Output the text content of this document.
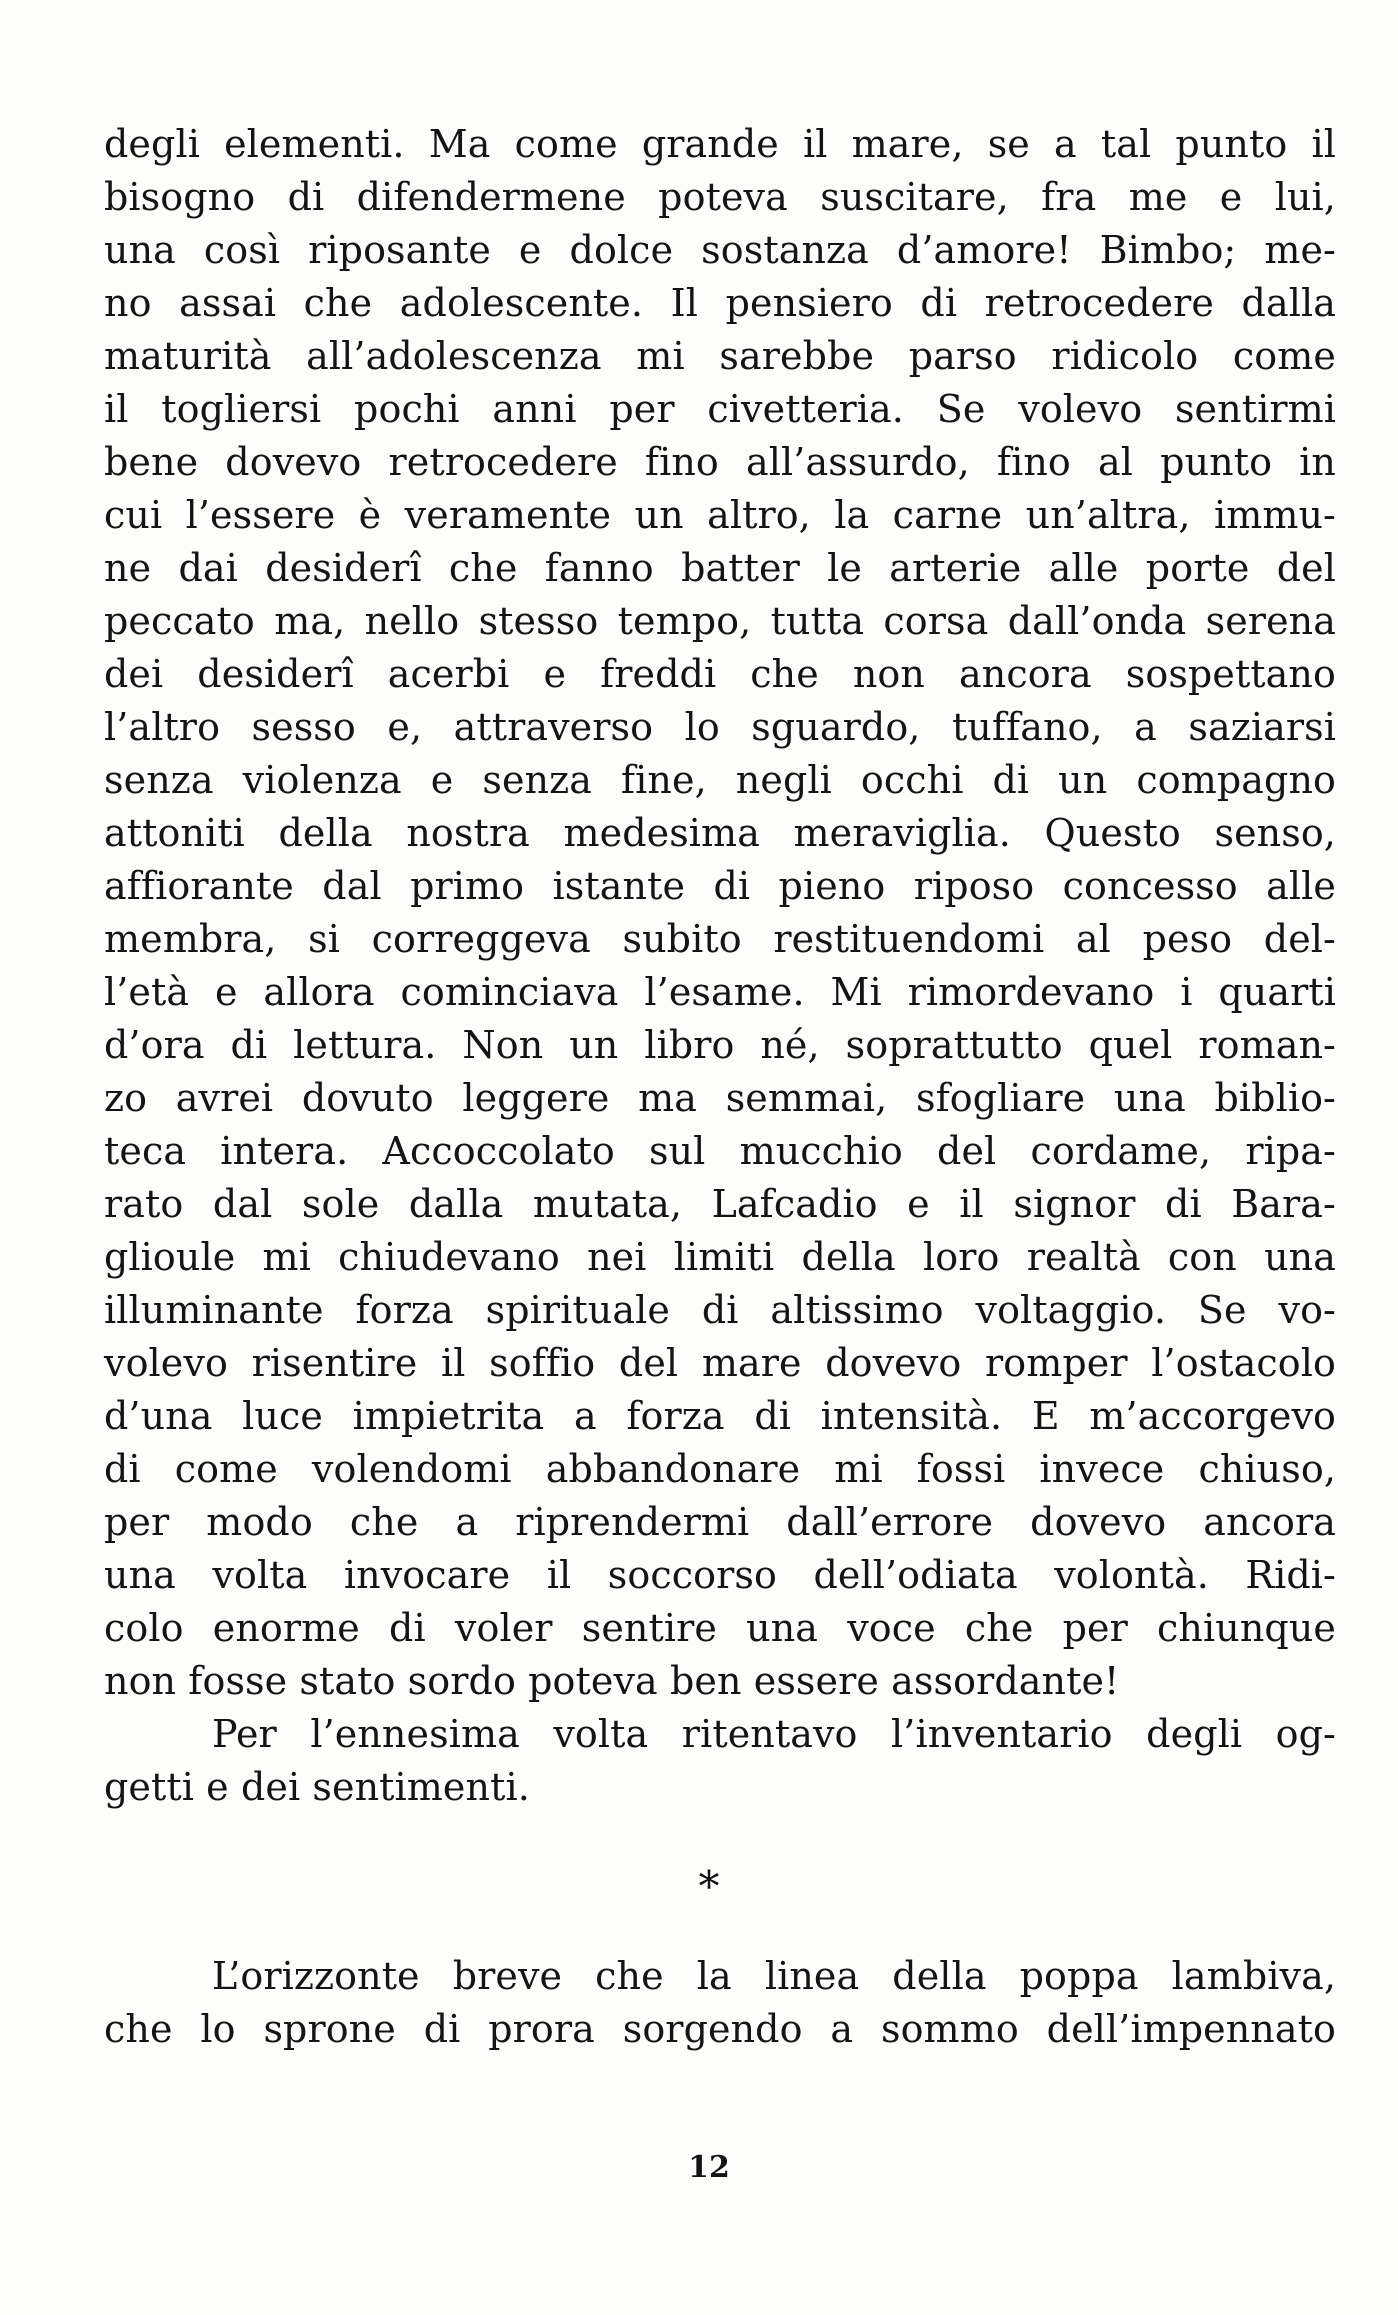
degli elementi. Ma come grande il mare, se a tal punto il
bisogno di difendermene poteva suscitare, fra me e lui,
una così riposante e dolce sostanza d’amore! Bimbo; me-
no assai che adolescente. Il pensiero di retrocedere dalla
maturità all’adolescenza mi sarebbe parso ridicolo come
il togliersi pochi anni per civetteria. Se volevo sentirmi
bene dovevo retrocedere fino all’assurdo, fino al punto in
cui l’essere è veramente un altro, la carne un’altra, immu-
ne dai desiderî che fanno batter le arterie alle porte del
peccato ma, nello stesso tempo, tutta corsa dall’onda serena
dei desiderî acerbi e freddi che non ancora sospettano
l’altro sesso e, attraverso lo sguardo, tuffano, a saziarsi
senza violenza e senza fine, negli occhi di un compagno
attoniti della nostra medesima meraviglia. Questo senso,
affiorante dal primo istante di pieno riposo concesso alle
membra, si correggeva subito restituendomi al peso del-
l’età e allora cominciava l’esame. Mi rimordevano i quarti
d’ora di lettura. Non un libro né, soprattutto quel roman-
zo avrei dovuto leggere ma semmai, sfogliare una biblio-
teca intera. Accoccolato sul mucchio del cordame, ripa-
rato dal sole dalla mutata, Lafcadio e il signor di Bara-
glioule mi chiudevano nei limiti della loro realtà con una
illuminante forza spirituale di altissimo voltaggio. Se vo-
volevo risentire il soffio del mare dovevo romper l’ostacolo
d’una luce impietrita a forza di intensità. E m’accorgevo
di come volendomi abbandonare mi fossi invece chiuso,
per modo che a riprendermi dall’errore dovevo ancora
una volta invocare il soccorso dell’odiata volontà. Ridi-
colo enorme di voler sentire una voce che per chiunque
non fosse stato sordo poteva ben essere assordante!
Per l’ennesima volta ritentavo l’inventario degli og-
getti e dei sentimenti.
*
L’orizzonte breve che la linea della poppa lambiva,
che lo sprone di prora sorgendo a sommo dell’impennato
12
